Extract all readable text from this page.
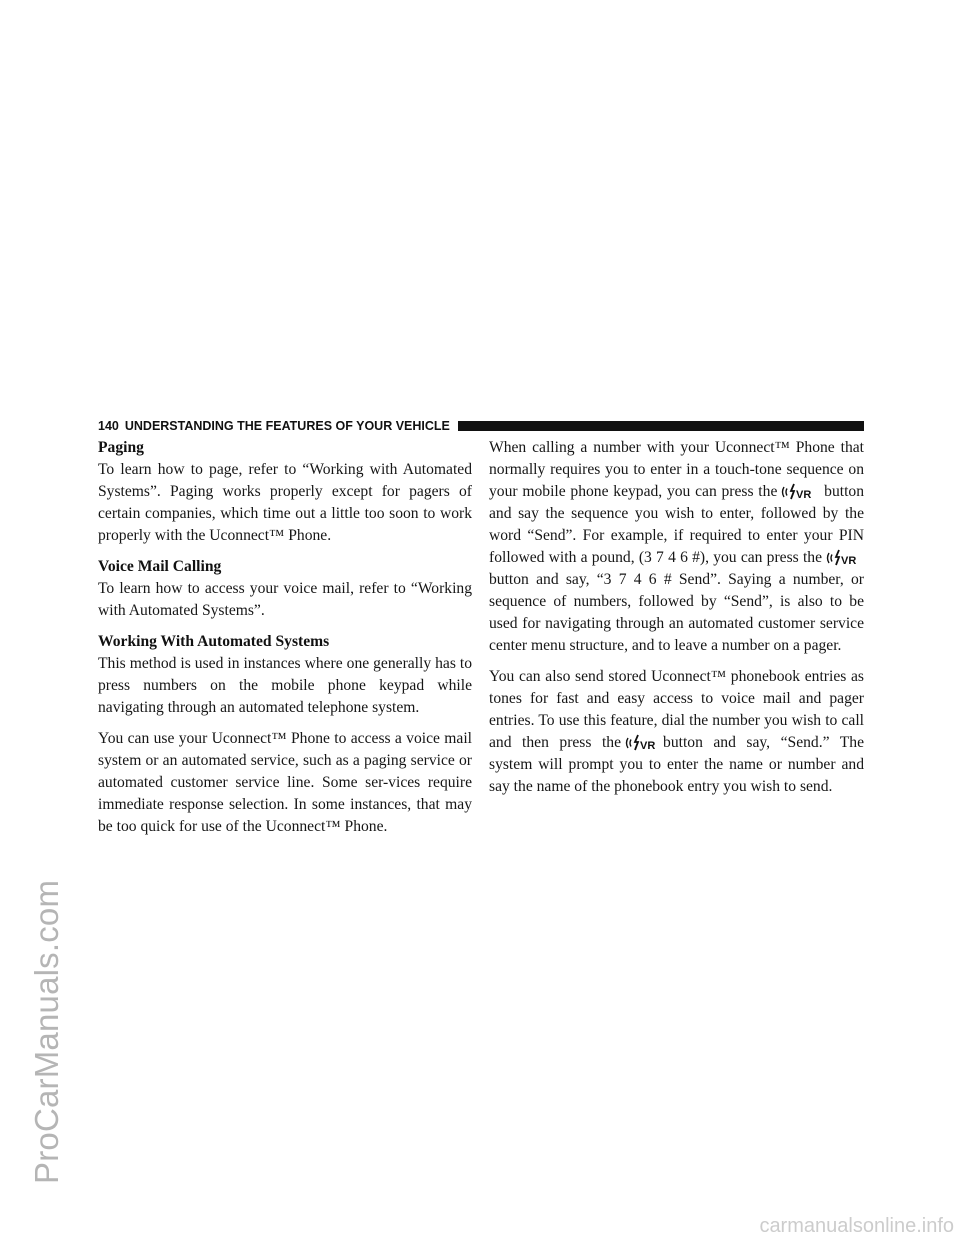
ProCarManuals.com
carmanualsonline.info
140 UNDERSTANDING THE FEATURES OF YOUR VEHICLE
Paging

To learn how to page, refer to “Working with Automated Systems”. Paging works properly except for pagers of certain companies, which time out a little too soon to work properly with the Uconnect™ Phone.

Voice Mail Calling

To learn how to access your voice mail, refer to “Working with Automated Systems”.

Working With Automated Systems

This method is used in instances where one generally has to press numbers on the mobile phone keypad while navigating through an automated telephone system.

You can use your Uconnect™ Phone to access a voice mail system or an automated service, such as a paging service or automated customer service line. Some ser-vices require immediate response selection. In some instances, that may be too quick for use of the Uconnect™ Phone.

When calling a number with your Uconnect™ Phone that normally requires you to enter in a touch-tone sequence on your mobile phone keypad, you can press the VR button and say the sequence you wish to enter, followed by the word “Send”. For example, if required to enter your PIN followed with a pound, (3 7 4 6 #), you can press the VR
button and say, “3 7 4 6 # Send”. Saying a number, or sequence of numbers, followed by “Send”, is also to be used for navigating through an automated customer service center menu structure, and to leave a number on a pager.

You can also send stored Uconnect™ phonebook entries as tones for fast and easy access to voice mail and pager entries. To use this feature, dial the number you wish to call and then press the VR button and say, “Send.” The system will prompt you to enter the name or number and say the name of the phonebook entry you wish to send.
